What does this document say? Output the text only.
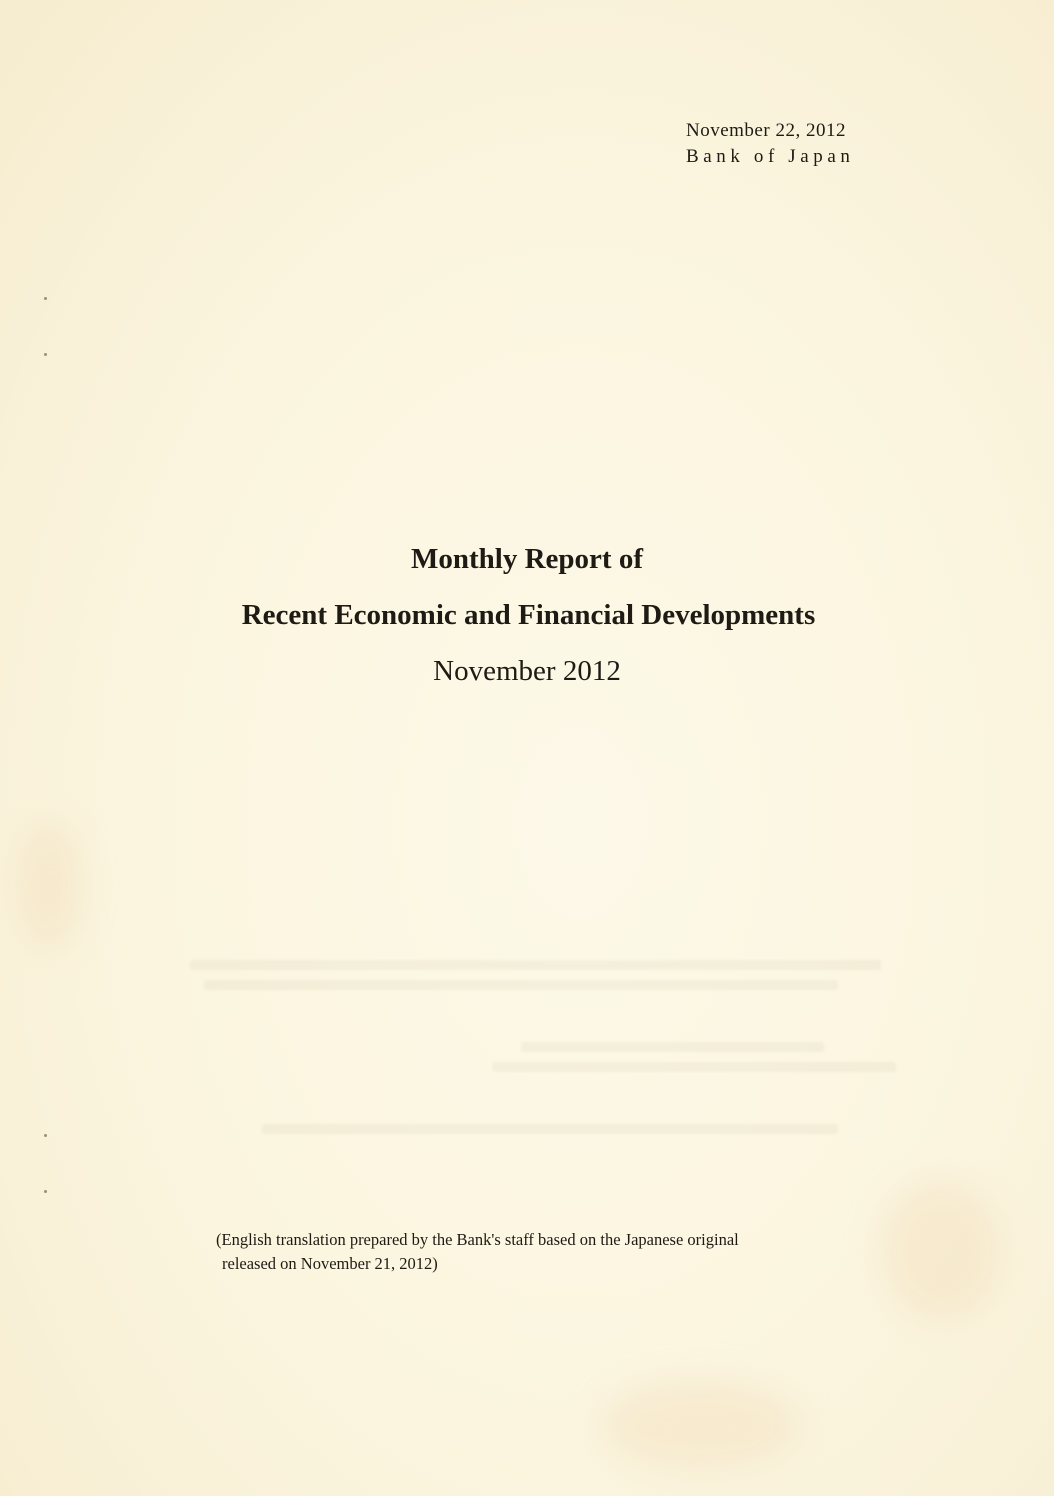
November 22, 2012
Bank of Japan
Monthly Report of
Recent Economic and Financial Developments
November 2012
(English translation prepared by the Bank's staff based on the Japanese original
released on November 21, 2012)
